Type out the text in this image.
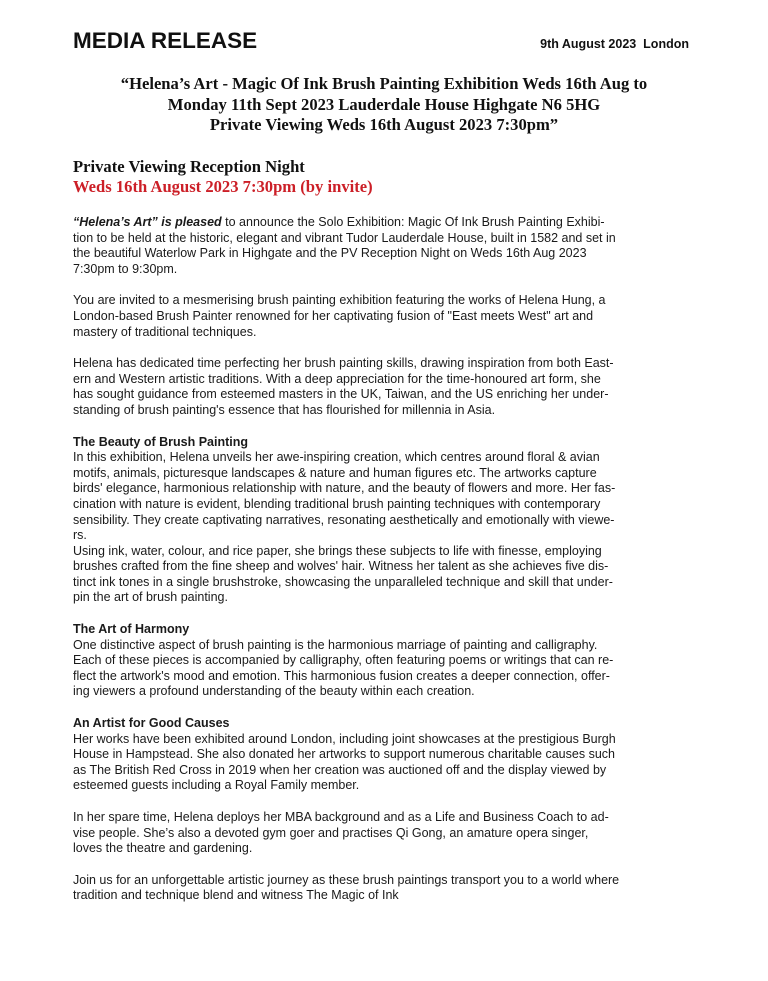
MEDIA RELEASE	9th August 2023  London
“Helena’s Art - Magic Of Ink Brush Painting Exhibition Weds 16th Aug to
Monday 11th Sept 2023 Lauderdale House Highgate N6 5HG
Private Viewing Weds 16th August 2023 7:30pm”
Private Viewing Reception Night
Weds 16th August 2023 7:30pm (by invite)
“Helena’s Art” is pleased to announce the Solo Exhibition: Magic Of Ink Brush Painting Exhibi-
tion to be held at the historic, elegant and vibrant Tudor Lauderdale House, built in 1582 and set in
the beautiful Waterlow Park in Highgate and the PV Reception Night on Weds 16th Aug 2023
7:30pm to 9:30pm.
You are invited to a mesmerising brush painting exhibition featuring the works of Helena Hung, a
London-based Brush Painter renowned for her captivating fusion of "East meets West" art and
mastery of traditional techniques.
Helena has dedicated time perfecting her brush painting skills, drawing inspiration from both East-
ern and Western artistic traditions. With a deep appreciation for the time-honoured art form, she
has sought guidance from esteemed masters in the UK, Taiwan, and the US enriching her under-
standing of brush painting's essence that has flourished for millennia in Asia.
The Beauty of Brush Painting
In this exhibition, Helena unveils her awe-inspiring creation, which centres around floral & avian
motifs, animals, picturesque landscapes & nature and human figures etc. The artworks capture
birds' elegance, harmonious relationship with nature, and the beauty of flowers and more. Her fas-
cination with nature is evident, blending traditional brush painting techniques with contemporary
sensibility. They create captivating narratives, resonating aesthetically and emotionally with viewe-
rs.
Using ink, water, colour, and rice paper, she brings these subjects to life with finesse, employing
brushes crafted from the fine sheep and wolves' hair. Witness her talent as she achieves five dis-
tinct ink tones in a single brushstroke, showcasing the unparalleled technique and skill that under-
pin the art of brush painting.
The Art of Harmony
One distinctive aspect of brush painting is the harmonious marriage of painting and calligraphy.
Each of these pieces is accompanied by calligraphy, often featuring poems or writings that can re-
flect the artwork's mood and emotion. This harmonious fusion creates a deeper connection, offer-
ing viewers a profound understanding of the beauty within each creation.
An Artist for Good Causes
Her works have been exhibited around London, including joint showcases at the prestigious Burgh
House in Hampstead. She also donated her artworks to support numerous charitable causes such
as The British Red Cross in 2019 when her creation was auctioned off and the display viewed by
esteemed guests including a Royal Family member.
In her spare time, Helena deploys her MBA background and as a Life and Business Coach to ad-
vise people. She’s also a devoted gym goer and practises Qi Gong, an amature opera singer,
loves the theatre and gardening.
Join us for an unforgettable artistic journey as these brush paintings transport you to a world where
tradition and technique blend and witness The Magic of Ink
